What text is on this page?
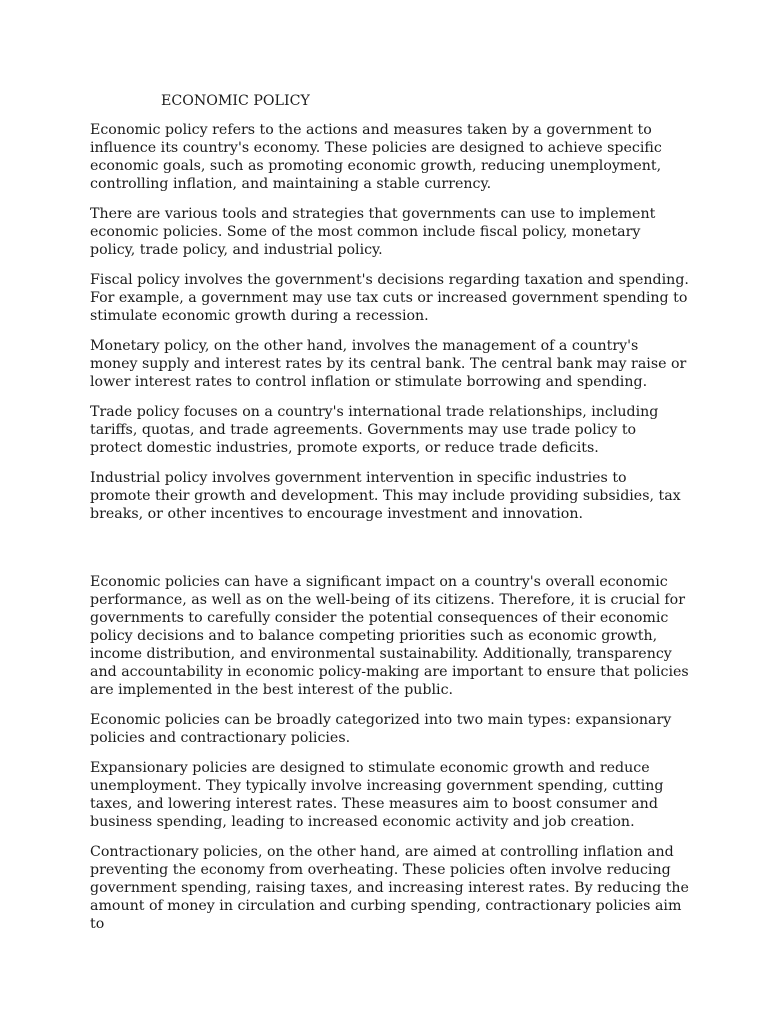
ECONOMIC POLICY

Economic policy refers to the actions and measures taken by a government to influence its country's economy. These policies are designed to achieve specific economic goals, such as promoting economic growth, reducing unemployment, controlling inflation, and maintaining a stable currency.

There are various tools and strategies that governments can use to implement economic policies. Some of the most common include fiscal policy, monetary policy, trade policy, and industrial policy.

Fiscal policy involves the government's decisions regarding taxation and spending. For example, a government may use tax cuts or increased government spending to stimulate economic growth during a recession.

Monetary policy, on the other hand, involves the management of a country's money supply and interest rates by its central bank. The central bank may raise or lower interest rates to control inflation or stimulate borrowing and spending.

Trade policy focuses on a country's international trade relationships, including tariffs, quotas, and trade agreements. Governments may use trade policy to protect domestic industries, promote exports, or reduce trade deficits.

Industrial policy involves government intervention in specific industries to promote their growth and development. This may include providing subsidies, tax breaks, or other incentives to encourage investment and innovation.

Economic policies can have a significant impact on a country's overall economic performance, as well as on the well-being of its citizens. Therefore, it is crucial for governments to carefully consider the potential consequences of their economic policy decisions and to balance competing priorities such as economic growth, income distribution, and environmental sustainability. Additionally, transparency and accountability in economic policy-making are important to ensure that policies are implemented in the best interest of the public.

Economic policies can be broadly categorized into two main types: expansionary policies and contractionary policies.

Expansionary policies are designed to stimulate economic growth and reduce unemployment. They typically involve increasing government spending, cutting taxes, and lowering interest rates. These measures aim to boost consumer and business spending, leading to increased economic activity and job creation.

Contractionary policies, on the other hand, are aimed at controlling inflation and preventing the economy from overheating. These policies often involve reducing government spending, raising taxes, and increasing interest rates. By reducing the amount of money in circulation and curbing spending, contractionary policies aim to
